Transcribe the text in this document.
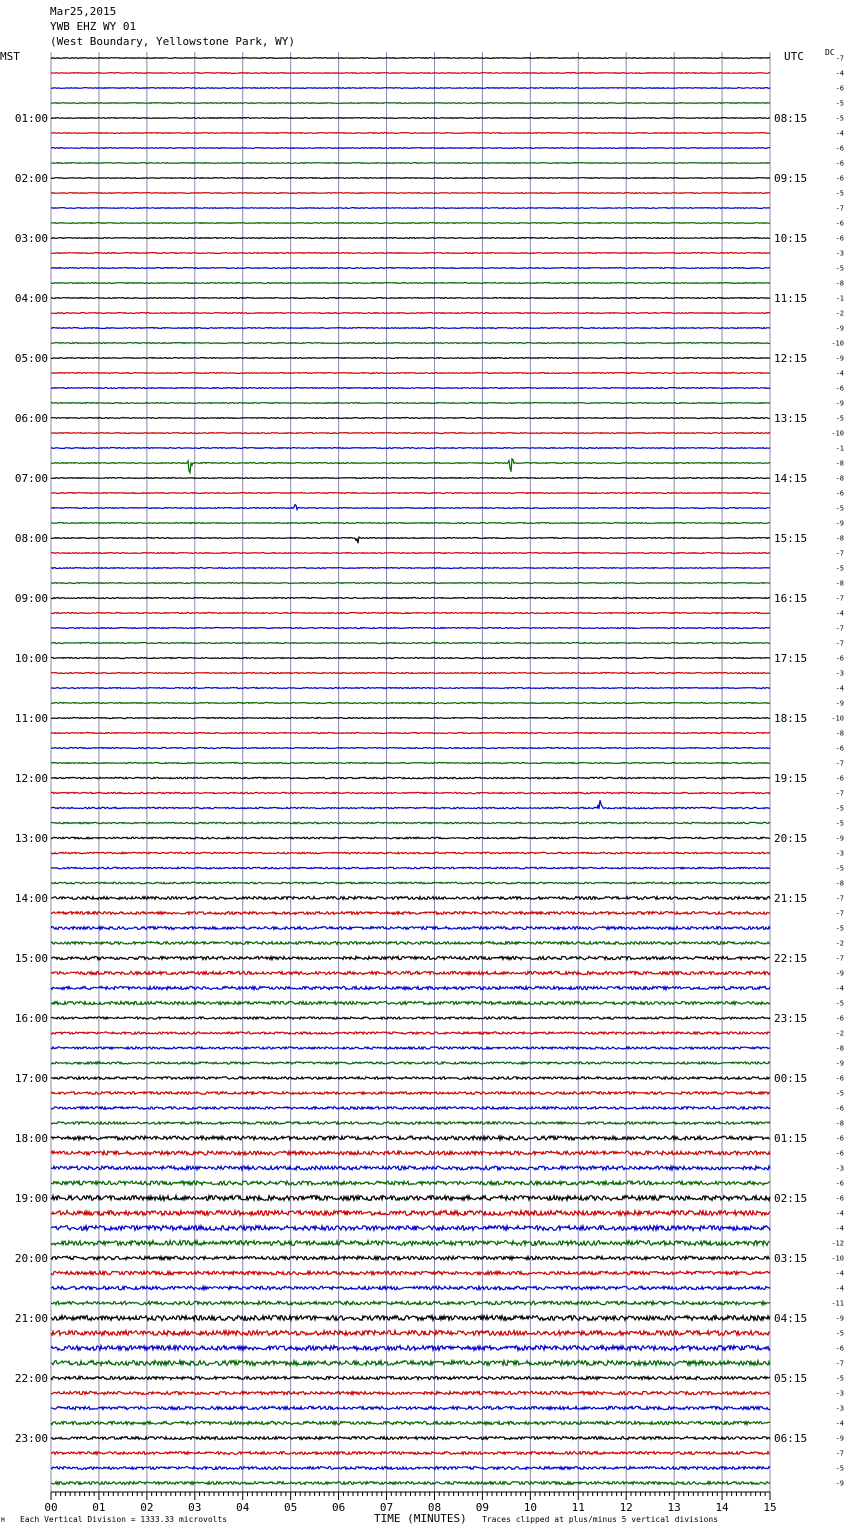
00	01	02	03	04	05	06	07	08	09	10	11	12	13	14	15
-7
-4
-6
-5
-5
-4
-6
-6
-6
-5
-7
-6
-6
-3
-5
-8
-1
-2
-9
-10
-9
-4
-6
-9
-5
-10
-1
-8
-8
-6
-5
-9
-8
-7
-5
-8
-7
-4
-7
-7
-6
-3
-4
-9
-10
-8
-6
-7
-6
-7
-5
-5
-9
-3
-5
-8
-7
-7
-5
-2
-7
-9
-4
-5
-6
-2
-8
-9
-6
-5
-6
-8
-6
-6
-3
-6
-6
-4
-4
-12
-10
-4
-4
-11
-9
-5
-6
-7
-5
-3
-3
-4
-9
-7
-5
-9
01:00
02:00
03:00
04:00
05:00
06:00
07:00
08:00
09:00
10:00
11:00
12:00
13:00
14:00
15:00
16:00
17:00
18:00
19:00
20:00
21:00
22:00
23:00
08:15
09:15
10:15
11:15
12:15
13:15
14:15
15:15
16:15
17:15
18:15
19:15
20:15
21:15
22:15
23:15
00:15
01:15
02:15
03:15
04:15
05:15
06:15
Mar25,2015
YWB EHZ WY 01
(West Boundary, Yellowstone Park, WY)
MST	UTC	DC
M Each Vertical Division = 1333.33 microvolts	TIME (MINUTES) Traces clipped at plus/minus 5 vertical divisions
